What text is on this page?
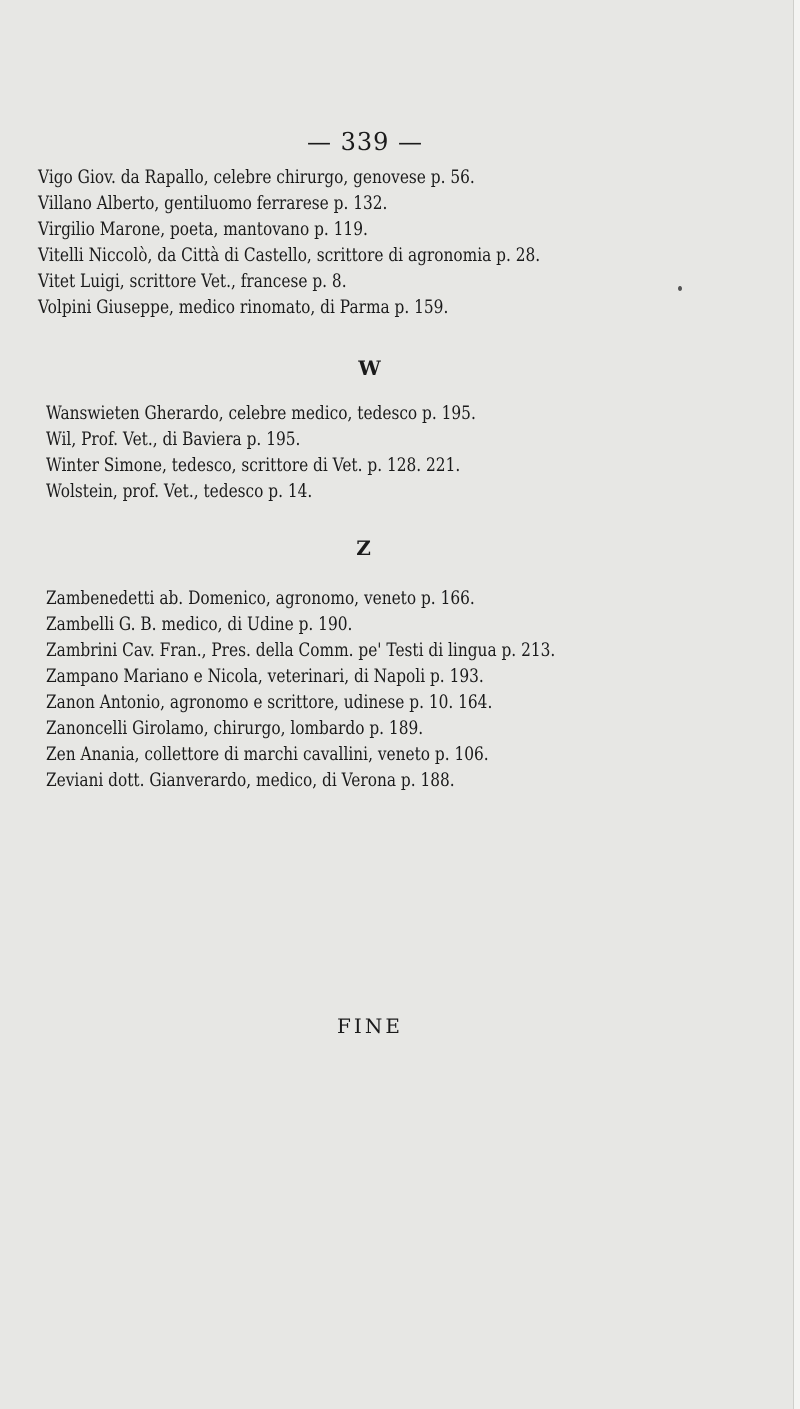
— 339 —
Vigo Giov. da Rapallo, celebre chirurgo, genovese p. 56.
Villano Alberto, gentiluomo ferrarese p. 132.
Virgilio Marone, poeta, mantovano p. 119.
Vitelli Niccolò, da Città di Castello, scrittore di agronomia p. 28.
Vitet Luigi, scrittore Vet., francese p. 8.
Volpini Giuseppe, medico rinomato, di Parma p. 159.
W
Wanswieten Gherardo, celebre medico, tedesco p. 195.
Wil, Prof. Vet., di Baviera p. 195.
Winter Simone, tedesco, scrittore di Vet. p. 128. 221.
Wolstein, prof. Vet., tedesco p. 14.
Z
Zambenedetti ab. Domenico, agronomo, veneto p. 166.
Zambelli G. B. medico, di Udine p. 190.
Zambrini Cav. Fran., Pres. della Comm. pe' Testi di lingua p. 213.
Zampano Mariano e Nicola, veterinari, di Napoli p. 193.
Zanon Antonio, agronomo e scrittore, udinese p. 10. 164.
Zanoncelli Girolamo, chirurgo, lombardo p. 189.
Zen Anania, collettore di marchi cavallini, veneto p. 106.
Zeviani dott. Gianverardo, medico, di Verona p. 188.
FINE
